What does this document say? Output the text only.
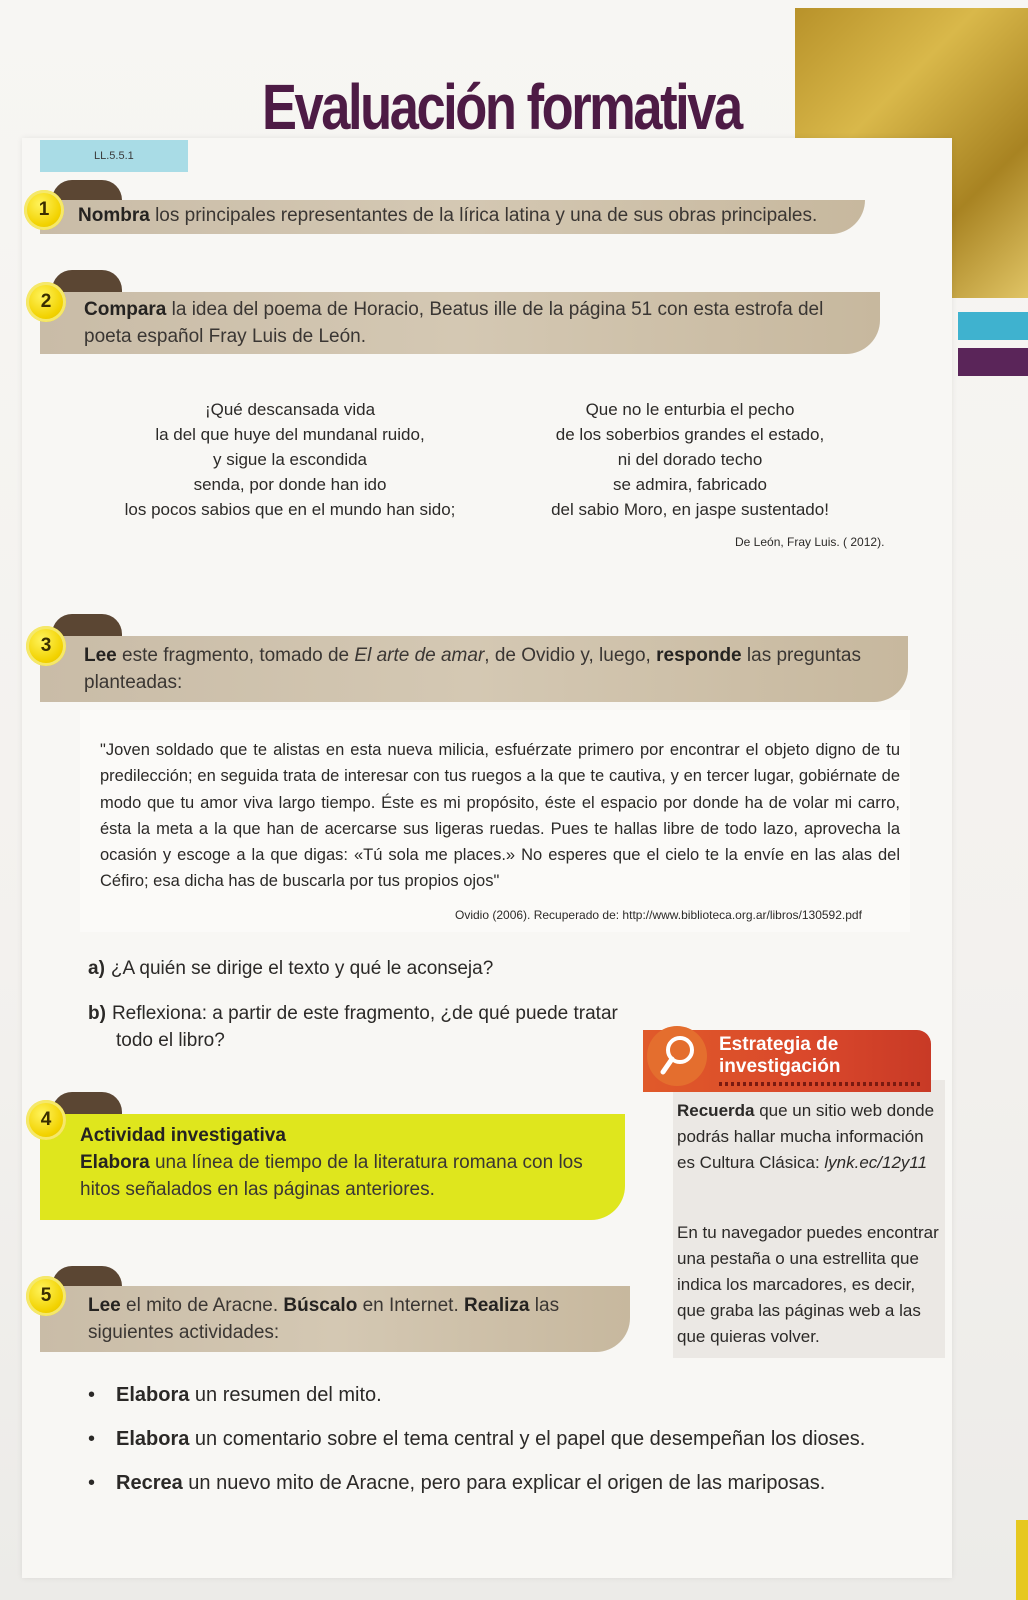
Evaluación formativa
LL.5.5.1
Nombra los principales representantes de la lírica latina y una de sus obras principales.
1
Compara la idea del poema de Horacio, Beatus ille de la página 51 con esta estrofa del poeta español Fray Luis de León.
2
¡Qué descansada vida
la del que huye del mundanal ruido,
y sigue la escondida
senda, por donde han ido
los pocos sabios que en el mundo han sido;
Que no le enturbia el pecho
de los soberbios grandes el estado,
ni del dorado techo
se admira, fabricado
del sabio Moro, en jaspe sustentado!
De León, Fray Luis. ( 2012).
Lee este fragmento, tomado de El arte de amar, de Ovidio y, luego, responde las preguntas planteadas:
3
"Joven soldado que te alistas en esta nueva milicia, esfuérzate primero por encontrar el objeto digno de tu predilección; en seguida trata de interesar con tus ruegos a la que te cautiva, y en tercer lugar, gobiérnate de modo que tu amor viva largo tiempo. Éste es mi propósito, éste el espacio por donde ha de volar mi carro, ésta la meta a la que han de acercarse sus ligeras ruedas. Pues te hallas libre de todo lazo, aprovecha la ocasión y escoge a la que digas: «Tú sola me places.» No esperes que el cielo te la envíe en las alas del Céfiro; esa dicha has de buscarla por tus propios ojos"
Ovidio (2006). Recuperado de: http://www.biblioteca.org.ar/libros/130592.pdf
a) ¿A quién se dirige el texto y qué le aconseja?
b) Reflexiona: a partir de este fragmento, ¿de qué puede tratar todo el libro?
Actividad investigativa
Elabora una línea de tiempo de la literatura romana con los hitos señalados en las páginas anteriores.
4
Lee el mito de Aracne. Búscalo en Internet. Realiza las siguientes actividades:
5
Estrategia de investigación
Recuerda que un sitio web donde podrás hallar mucha información es Cultura Clásica: lynk.ec/12y11
En tu navegador puedes encontrar una pestaña o una estrellita que indica los marcadores, es decir, que graba las páginas web a las que quieras volver.
• Elabora un resumen del mito.
• Elabora un comentario sobre el tema central y el papel que desempeñan los dioses.
• Recrea un nuevo mito de Aracne, pero para explicar el origen de las mariposas.
